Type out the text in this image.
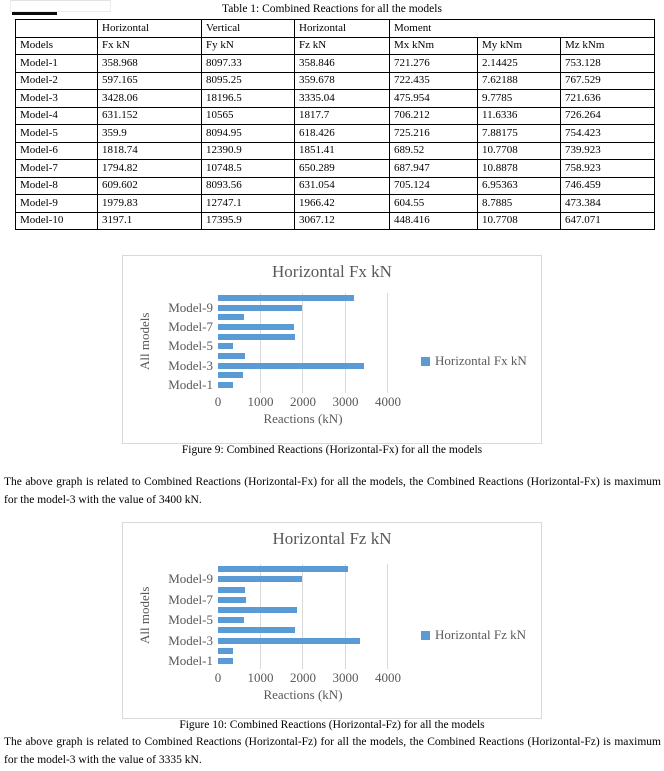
Table 1: Combined Reactions for all the models
	Horizontal	Vertical	Horizontal	Moment		
Models	Fx kN	Fy kN	Fz kN	Mx kNm	My kNm	Mz kNm
Model-1	358.968	8097.33	358.846	721.276	2.14425	753.128
Model-2	597.165	8095.25	359.678	722.435	7.62188	767.529
Model-3	3428.06	18196.5	3335.04	475.954	9.7785	721.636
Model-4	631.152	10565	1817.7	706.212	11.6336	726.264
Model-5	359.9	8094.95	618.426	725.216	7.88175	754.423
Model-6	1818.74	12390.9	1851.41	689.52	10.7708	739.923
Model-7	1794.82	10748.5	650.289	687.947	10.8878	758.923
Model-8	609.602	8093.56	631.054	705.124	6.95363	746.459
Model-9	1979.83	12747.1	1966.42	604.55	8.7885	473.384
Model-10	3197.1	17395.9	3067.12	448.416	10.7708	647.071
Horizontal Fx kN
All models
0 1000 2000 3000 4000
Reactions (kN)
Horizontal Fx kN
Model-1
Model-3
Model-5
Model-7
Model-9
Figure 9: Combined Reactions (Horizontal-Fx) for all the models
The above graph is related to Combined Reactions (Horizontal-Fx) for all the models, the Combined Reactions (Horizontal-Fx) is maximum for the model-3 with the value of 3400 kN.
Horizontal Fz kN
All models
0 1000 2000 3000 4000
Reactions (kN)
Horizontal Fz kN
Model-1
Model-3
Model-5
Model-7
Model-9
Figure 10: Combined Reactions (Horizontal-Fz) for all the models
The above graph is related to Combined Reactions (Horizontal-Fz) for all the models, the Combined Reactions (Horizontal-Fz) is maximum for the model-3 with the value of 3335 kN.
